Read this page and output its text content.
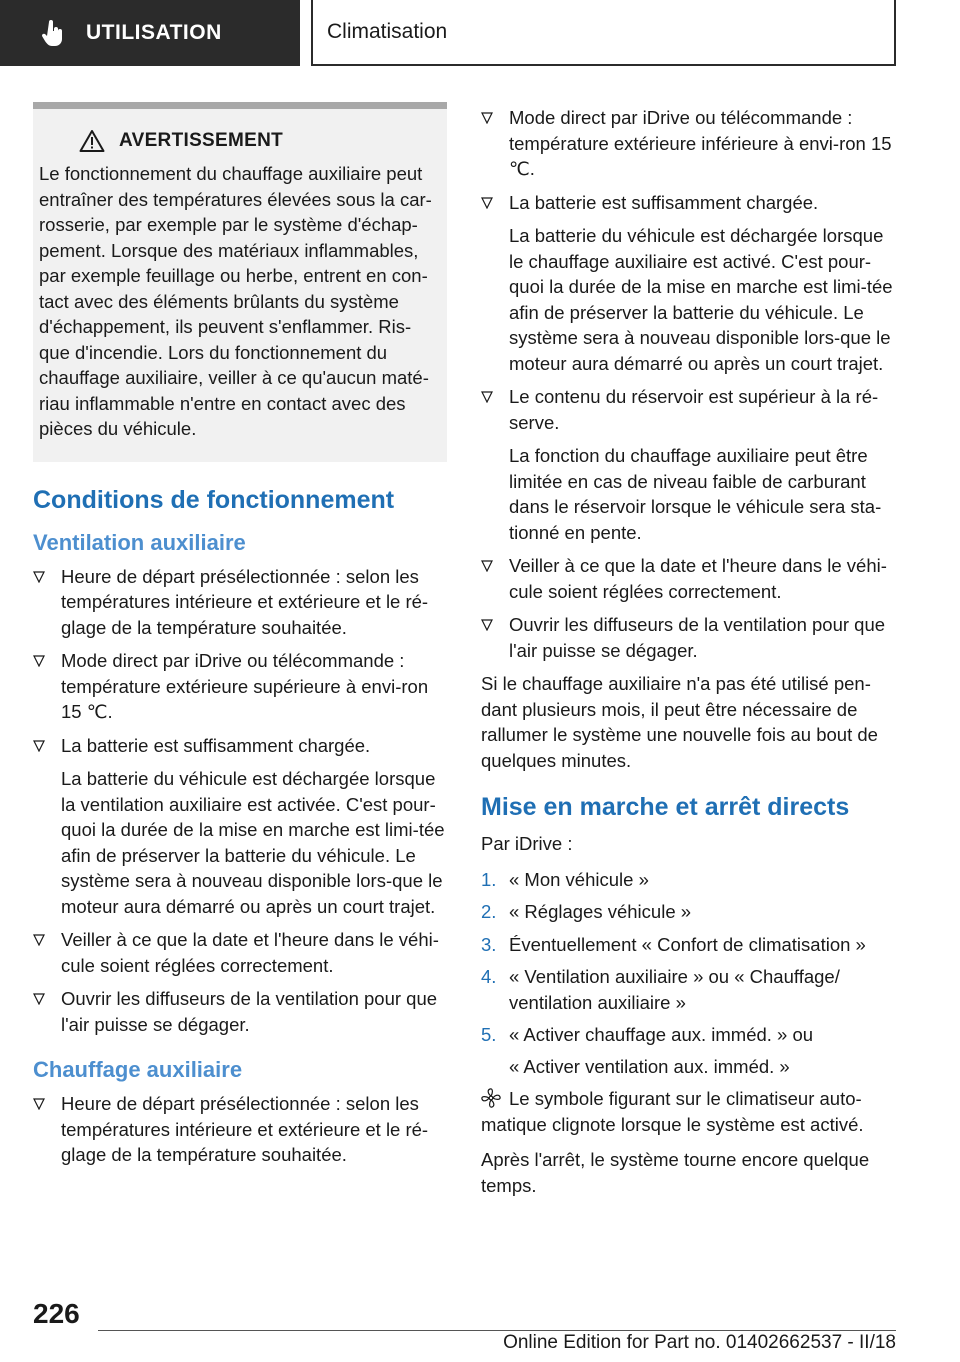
UTILISATION	Climatisation
AVERTISSEMENT

Le fonctionnement du chauffage auxiliaire peut entraîner des températures élevées sous la car-rosserie, par exemple par le système d'échap-pement. Lorsque des matériaux inflammables, par exemple feuillage ou herbe, entrent en con-tact avec des éléments brûlants du système d'échappement, ils peuvent s'enflammer. Ris-que d'incendie. Lors du fonctionnement du chauffage auxiliaire, veiller à ce qu'aucun maté-riau inflammable n'entre en contact avec des pièces du véhicule.

Conditions de fonctionnement
Ventilation auxiliaire

Heure de départ présélectionnée : selon les températures intérieure et extérieure et le ré-glage de la température souhaitée.

Mode direct par iDrive ou télécommande : température extérieure supérieure à envi-ron 15 ℃.

La batterie est suffisamment chargée.

La batterie du véhicule est déchargée lorsque la ventilation auxiliaire est activée. C'est pour-quoi la durée de la mise en marche est limi-tée afin de préserver la batterie du véhicule. Le système sera à nouveau disponible lors-que le moteur aura démarré ou après un court trajet.

Veiller à ce que la date et l'heure dans le véhi-cule soient réglées correctement.

Ouvrir les diffuseurs de la ventilation pour que l'air puisse se dégager.

Chauffage auxiliaire

Heure de départ présélectionnée : selon les températures intérieure et extérieure et le ré-glage de la température souhaitée.

Mode direct par iDrive ou télécommande : température extérieure inférieure à envi-ron 15 ℃.

La batterie est suffisamment chargée.

La batterie du véhicule est déchargée lorsque le chauffage auxiliaire est activé. C'est pour-quoi la durée de la mise en marche est limi-tée afin de préserver la batterie du véhicule. Le système sera à nouveau disponible lors-que le moteur aura démarré ou après un court trajet.

Le contenu du réservoir est supérieur à la ré-serve.

La fonction du chauffage auxiliaire peut être limitée en cas de niveau faible de carburant dans le réservoir lorsque le véhicule sera sta-tionné en pente.

Veiller à ce que la date et l'heure dans le véhi-cule soient réglées correctement.

Ouvrir les diffuseurs de la ventilation pour que l'air puisse se dégager.

Si le chauffage auxiliaire n'a pas été utilisé pen-dant plusieurs mois, il peut être nécessaire de rallumer le système une nouvelle fois au bout de quelques minutes.

Mise en marche et arrêt directs

Par iDrive :

1. « Mon véhicule »

2. « Réglages véhicule »

3. Éventuellement « Confort de climatisation »

4. « Ventilation auxiliaire » ou « Chauffage/ ventilation auxiliaire »

5. « Activer chauffage aux. imméd. » ou

« Activer ventilation aux. imméd. »

Le symbole figurant sur le climatiseur auto-matique clignote lorsque le système est activé.

Après l'arrêt, le système tourne encore quelque temps.

226
Online Edition for Part no. 01402662537 - II/18
